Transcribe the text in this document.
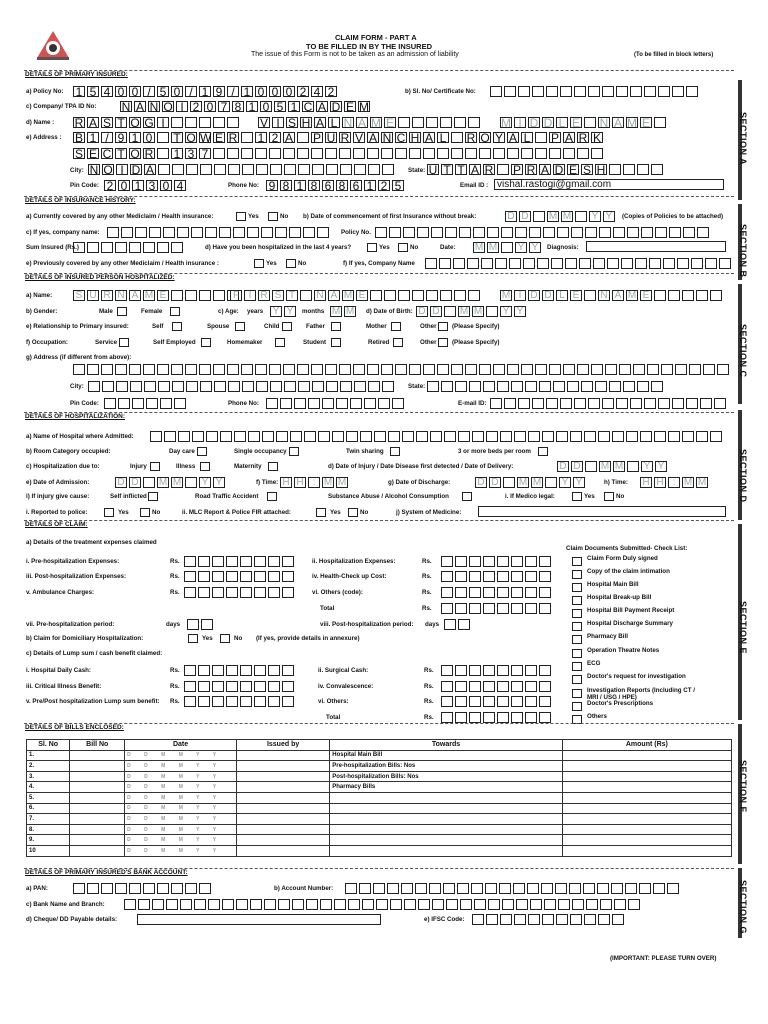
CLAIM FORM - PART A
TO BE FILLED IN BY THE INSURED
The issue of this Form is not to be taken as an admission of liability	(To be filled in block letters)
SECTION A
SECTION B
SECTION C
SECTION D
SECTION E
SECTION F
SECTION G
DETAILS OF PRIMARY INSURED:
a) Policy No: 1 5 4 0 0 / 5 0 / 1 9 / 1 0 0 0 2 4 2	b) Sl. No/ Certificate No:
c) Company/ TPA ID No: N A N O I 2 0 7 8 1 0 5 1 C A D E M
d) Name : R A S T O G I	V I S H A L N A M E	M I D D L E N A M E
e) Address : B 1 / 9 1 0 T O W E R 1 2 A P U R V A N C H A L R O Y A L P A R K
S E C T O R 1 3 7
City: N O I D A	State: U T T A R P R A D E S H
Pin Code: 2 0 1 3 0 4	Phone No: 9 8 1 8 6 8 6 1 2 5	Email ID : vishal.rastogi@gmail.com
DETAILS OF INSURANCE HISTORY:
a) Currently covered by any other Mediclaim / Health insurance:	Yes	No b) Date of commencement of first Insurance without break:	D D M M Y Y	(Copies of Policies to be attached)
c) If yes, company name:	Policy No.
Sum Insured (Rs.)	d) Have you been hospitalized in the last 4 years?	Yes	No	Date: M M Y Y	Diagnosis:
e) Previously covered by any other Mediclaim / Health insurance :	Yes	No	f) If yes, Company Name
DETAILS OF INSURED PERSON HOSPITALIZED:
a) Name: S U R N A M E	F I R S T N A M E	M I D D L E N A M E
b) Gender:	Male	Female	c) Age: years Y Y	months M M d) Date of Birth: D D M M Y Y
e) Relationship to Primary insured:	Self	Spouse	Child	Father	Mother	Other (Please Specify)
f) Occupation:	Service	Self Employed	Homemaker	Student	Retired	Other (Please Specify)
g) Address (if different from above):
City:	State:
Pin Code:	Phone No:	E-mail ID:
DETAILS OF HOSPITALIZATION:
a) Name of Hospital where Admitted:
b) Room Category occupied:	Day care	Single occupancy	Twin sharing	3 or more beds per room
c) Hospitalization due to:	Injury	Illness	Maternity	d) Date of Injury / Date Disease first detected / Date of Delivery:	D D M M Y Y
e) Date of Admission:	D D M M Y Y	f) Time: H H : M M	g) Date of Discharge:	D D M M Y Y	h) Time: H H : M M
i) If injury give cause:	Self inflicted	Road Traffic Accident	Substance Abuse / Alcohol Consumption	i. If Medico legal:	Yes	No
i. Reported to police:	Yes	No	ii. MLC Report & Police FIR attached:	Yes	No	j) System of Medicine:
DETAILS OF CLAIM:
a) Details of the treatment expenses claimed
i. Pre-hospitalization Expenses:	Rs.
iii. Post-hospitalization Expenses:	Rs.
v. Ambulance Charges:	Rs.
ii. Hospitalization Expenses:	Rs.
iv. Health-Check up Cost:	Rs.
vi. Others (code):	Rs.
Total	Rs.
vii. Pre-hospitalization period:	days	viii. Post-hospitalization period: days
b) Claim for Domiciliary Hospitalization:	Yes	No (If yes, provide details in annexure)
c) Details of Lump sum / cash benefit claimed:
i. Hospital Daily Cash:	Rs.
iii. Critical Illness Benefit:	Rs.
v. Pre/Post hospitalization Lump sum benefit: Rs.
ii. Surgical Cash:	Rs.
iv. Convalescence:	Rs.
vi. Others:	Rs.
Total	Rs.
Claim Documents Submitted- Check List:
Claim Form Duly signed
Copy of the claim intimation
Hospital Main Bill
Hospital Break-up Bill
Hospital Bill Payment Receipt
Hospital Discharge Summary
Pharmacy Bill
Operation Theatre Notes
ECG
Doctor's request for investigation
Investigation Reports (Including CT / MRI / USG / HPE)
Doctor's Prescriptions
Others
DETAILS OF BILLS ENCLOSED:
Sl. No	Bill No	Date	Issued by	Towards	Amount (Rs)
1.		D D M M Y Y		Hospital Main Bill	
2.		D D M M Y Y		Pre-hospitalization Bills: Nos	
3.		D D M M Y Y		Post-hospitalization Bills: Nos	
4.		D D M M Y Y		Pharmacy Bills	
5.		D D M M Y Y			
6.		D D M M Y Y			
7.		D D M M Y Y			
8.		D D M M Y Y			
9.		D D M M Y Y			
10		D D M M Y Y			
DETAILS OF PRIMARY INSURED'S BANK ACCOUNT:
a) PAN:	b) Account Number:
c) Bank Name and Branch:
d) Cheque/ DD Payable details:	e) IFSC Code:
(IMPORTANT: PLEASE TURN OVER)
